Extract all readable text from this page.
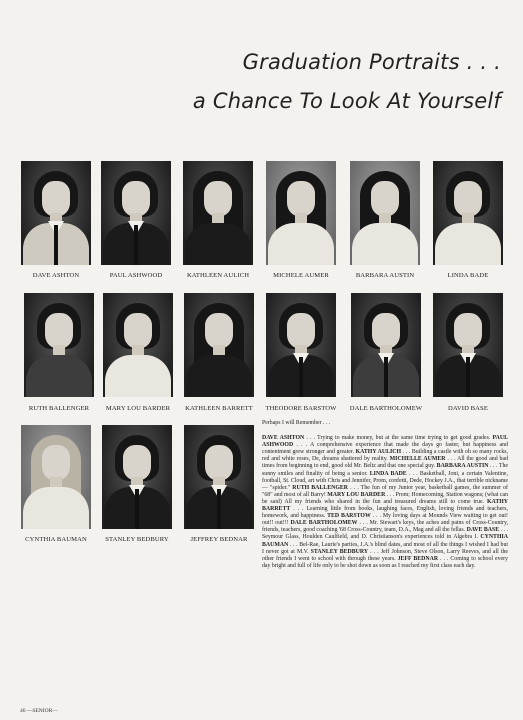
Graduation Portraits . . .
a Chance To Look At Yourself
DAVE ASHTON	PAUL ASHWOOD	KATHLEEN AULICH	MICHELE AUMER	BARBARA AUSTIN	LINDA BADE
RUTH BALLENGER	MARY LOU BARDER	KATHLEEN BARRETT	THEODORE BARSTOW	DALE BARTHOLOMEW	DAVID BASE
CYNTHIA BAUMAN	STANLEY BEDBURY	JEFFREY BEDNAR
Perhaps I will Remember . . .

DAVE ASHTON . . . Trying to make money, but at the same time trying to get good grades. PAUL ASHWOOD . . . A comprehensive experience that made the days go faster, but happiness and contentment grew stronger and greater. KATHY AULICH . . . Building a castle with oh so many rocks, red and white roses, De, dreams shattered by reality. MICHELLE AUMER . . . All the good and bad times from beginning to end, good old Mr. Beltz and that one special guy. BARBARA AUSTIN . . . The sunny smiles and finality of being a senior. LINDA BADE . . . Basketball, Joni, a certain Valentine, football, St. Cloud, art with Chris and Jennifer, Prom, confetti, Dede, Hockey J.A., that terrible nickname — "spider." RUTH BALLENGER . . . The fun of my Junior year, basketball games, the summer of "68" and most of all Barry! MARY LOU BARDER . . . Prom; Homecoming, Station wagons; (what can be said) All my friends who shared in the fun and treasured dreams still to come true. KATHY BARRETT . . . Learning little from books, laughing faces, English, loving friends and teachers, homework, and happiness. TED BARSTOW . . . My loving days at Mounds View waiting to get out! out!! out!!! DALE BARTHOLOMEW . . . Mr. Stewart's keys, the aches and pains of Cross-Country, friends, teachers, good coaching '68 Cross-Country, team, D.A., Mag and all the fellas. DAVE BASE . . . Seymour Glass, Houlden Caulfield, and D. Christianson's experiences told in Algebra I. CYNTHIA BAUMAN . . . Bel-Rae, Laurie's parties, J.A.'s blind dates, and most of all the things I wished I had but I never got at M.V. STANLEY BEDBURY . . . Jeff Johnson, Steve Olson, Larry Reeves, and all the other friends I went to school with through these years. JEFF BEDNAR . . . Coming to school every day bright and full of life only to be shot down as soon as I reached my first class each day.

46 —SENIOR—
